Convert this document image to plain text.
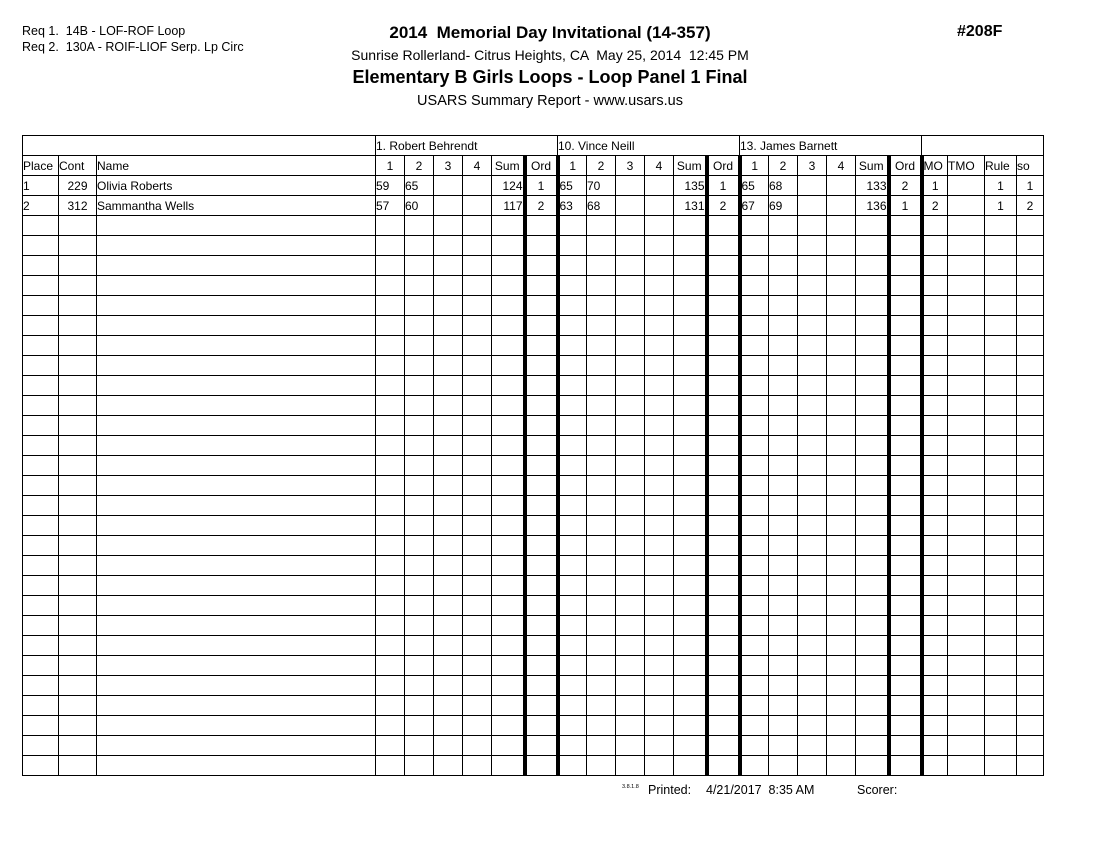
Req 1.  14B - LOF-ROF Loop
Req 2.  130A - ROIF-LIOF Serp. Lp Circ
2014  Memorial Day Invitational (14-357)
Sunrise Rollerland- Citrus Heights, CA  May 25, 2014  12:45 PM
Elementary B Girls Loops - Loop Panel 1 Final
USARS Summary Report - www.usars.us
#208F
			1. Robert Behrendt						10. Vince Neill						13. James Barnett									
Place	Cont	Name	1	2	3	4	Sum	Ord	1	2	3	4	Sum	Ord	1	2	3	4	Sum	Ord	MO	TMO	Rule	so
1	229	Olivia Roberts	59	65			124	1	65	70			135	1	65	68			133	2	1		1	1
2	312	Sammantha Wells	57	60			117	2	63	68			131	2	67	69			136	1	2		1	2

3.8.1.8 Printed: 4/21/2017  8:35 AM	Scorer:
